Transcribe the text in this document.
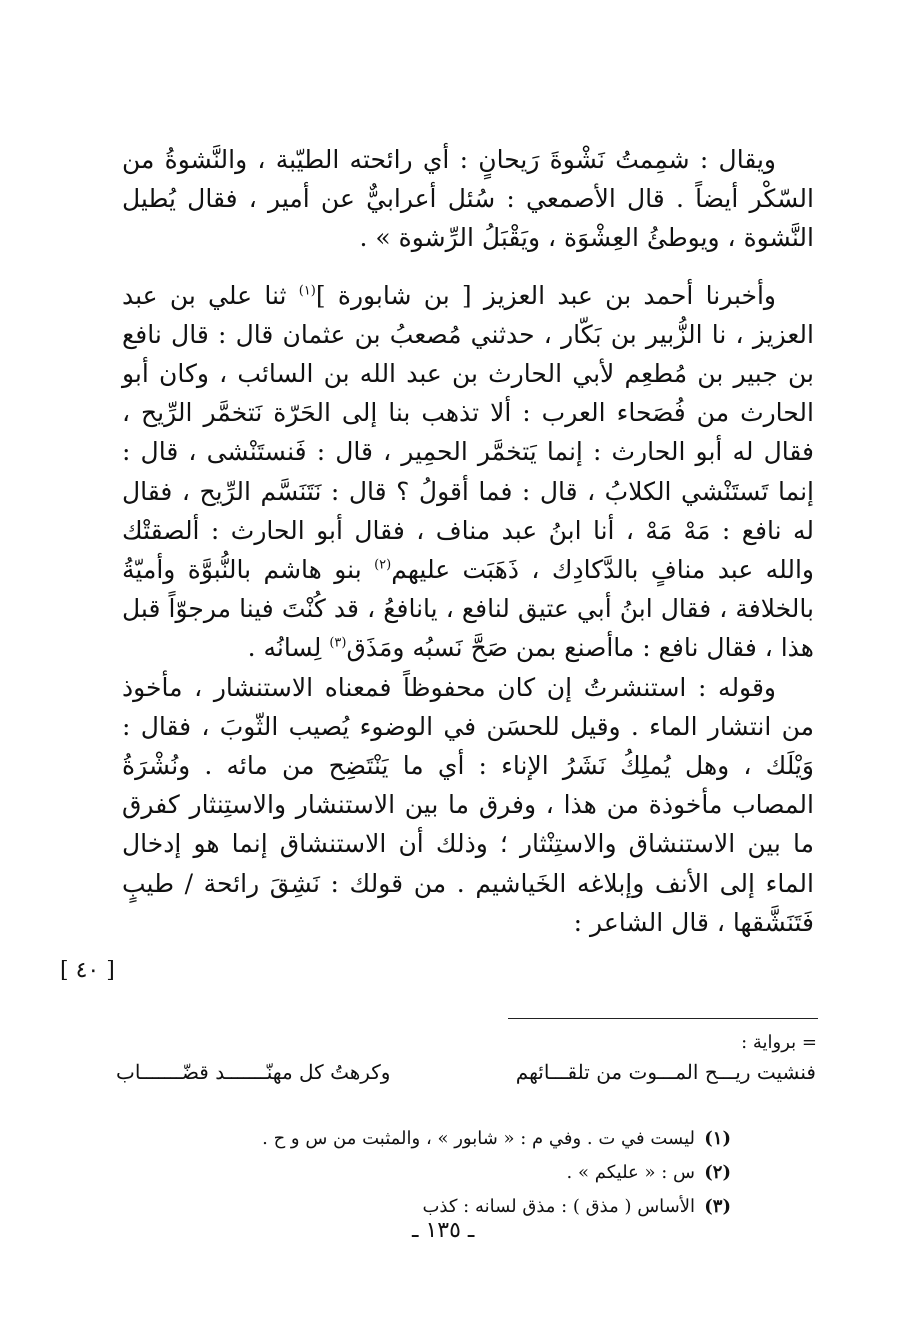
ويقال : شمِمتُ نَشْوةَ رَيحانٍ : أي رائحته الطيّبة ، والنَّشوةُ من السّكْر أيضاً . قال الأصمعي : سُئل أعرابيٌّ عن أمير ، فقال يُطيل النَّشوة ، ويوطئُ العِشْوَة ، ويَقْبَلُ الرِّشوة » .

وأخبرنا أحمد بن عبد العزيز [ بن شابورة ]$^{(١)}$ ثنا علي بن عبد العزيز ، نا الزُّبير بن بَكّار ، حدثني مُصعبُ بن عثمان قال : قال نافع بن جبير بن مُطعِم لأبي الحارث بن عبد الله بن السائب ، وكان أبو الحارث من فُصَحاء العرب : ألا تذهب بنا إلى الحَرّة نَتخمَّر الرِّيح ، فقال له أبو الحارث : إنما يَتخمَّر الحمِير ، قال : فَنستَنْشى ، قال : إنما تَستَنْشي الكلابُ ، قال : فما أقولُ ؟ قال : نَتَنَسَّم الرِّيح ، فقال له نافع : مَهْ مَهْ ، أنا ابنُ عبد مناف ، فقال أبو الحارث : ألصقتْك والله عبد منافٍ بالدَّكادِك ، ذَهَبَت عليهم$^{(٢)}$ بنو هاشم بالنُّبوَّة وأميّةُ بالخلافة ، فقال ابنُ أبي عتيق لنافع ، يانافعُ ، قد كُنْتَ فينا مرجوّاً قبل هذا ، فقال نافع : ماأصنع بمن صَحَّ نَسبُه ومَذَق$^{(٣)}$ لِسانُه .

وقوله : استنشرتُ إن كان محفوظاً فمعناه الاستنشار ، مأخوذ من انتشار الماء . وقيل للحسَن في الوضوء يُصيب الثّوبَ ، فقال : وَيْلَك ، وهل يُملِكُ نَشَرُ الإناء : أي ما يَنْتَضِح من مائه . ونُشْرَةُ المصاب مأخوذة من هذا ، وفرق ما بين الاستنشار والاستِنثار كفرق ما بين الاستنشاق والاستِنْثار ؛ وذلك أن الاستنشاق إنما هو إدخال الماء إلى الأنف وإبلاغه الخَياشيم . من قولك : نَشِقَ رائحة / طيبٍ فَتَنَشَّقها ، قال الشاعر :

[ ٤٠ ]
= برواية :
فنشيت ريـــح المـــوت من تلقـــائهم
وكرهتُ كل مهنّـــــــد قضّـــــــاب
(١)ليست في ت . وفي م : « شابور » ، والمثبت من س و ح .
(٢)س : « عليكم » .
(٣)الأساس ( مذق ) : مذق لسانه : كذب
ـ ١٣٥ ـ
